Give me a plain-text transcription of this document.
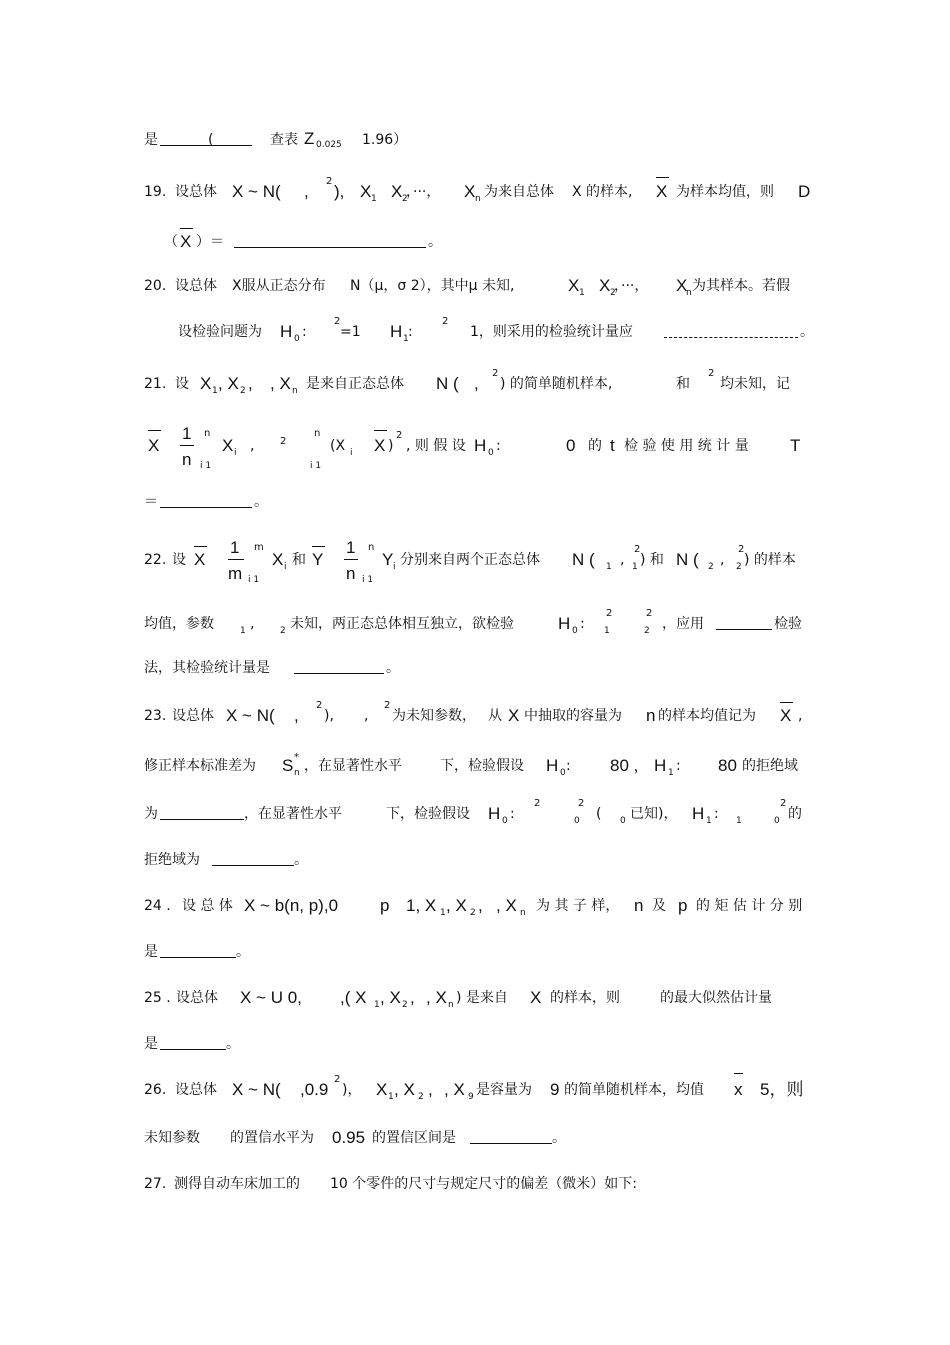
是	(	查表 Z 0.025 1.96）
19. 设总体 X ~ N( ,
2
), X 1 X 2
，···， X n 为来自总体 X 的样本, X 为样本均值，则 D
（ X ）＝	。
20. 设总体 X服从正态分布 N（μ，σ 2），其中μ 未知,	X 1 X 2
，···， X
n 为其样本。若假
设检验问题为 H 0 :
2
=1 H 1 :
2
1，则采用的检验统计量应	。
21. 设 X 1 , X 2 , , X n 是来自正态总体 N ( ,
2
) 的简单随机样本,	和
2
均未知，记
X
1
n
n
i 1
X i ,	2
n
i 1
(X i X )
2
, 则 假 设 H 0 :	0 的 t 检 验 使 用 统 计 量 T
＝	。
22. 设 X
1
m
m
i 1
X i 和 Y
1
n
n
i 1
Y i 分别来自两个正态总体 N ( 1 ,
2
1 ) 和 N ( 2 ,
2
2 ) 的样本
均值，参数	1 ,	2 未知，两正态总体相互独立，欲检验	H 0 :
2
1
2
2 ，应用	检验
法，其检验统计量是	。
23. 设总体 X ~ N( ,
2
), ,
2
为未知参数， 从 X 中抽取的容量为 n 的样本均值记为 X ,
修正样本标准差为 S *
n ，在显著性水平	下，检验假设 H 0 : 80 , H 1 : 80 的拒绝域
为	，在显著性水平	下，检验假设 H 0 :
2	2
0 ( 0 已知)， H 1 : 1	0
2
的
拒绝域为	。
24 . 设 总 体 X ~ b(n, p),0 p 1, X 1 , X 2 , , X n 为 其 子 样， n 及 p 的 矩 估 计 分 别
是	。
25 . 设总体 X ~ U 0, ,( X 1 , X 2 , , X n ) 是来自 X 的样本，则	的最大似然估计量
是	。
26. 设总体 X ~ N( ,0.9
2
)， X 1 , X 2 , , X 9 是容量为 9 的简单随机样本，均值 x 5，则
未知参数 的置信水平为 0.95 的置信区间是	。
27. 测得自动车床加工的 10 个零件的尺寸与规定尺寸的偏差（微米）如下:
